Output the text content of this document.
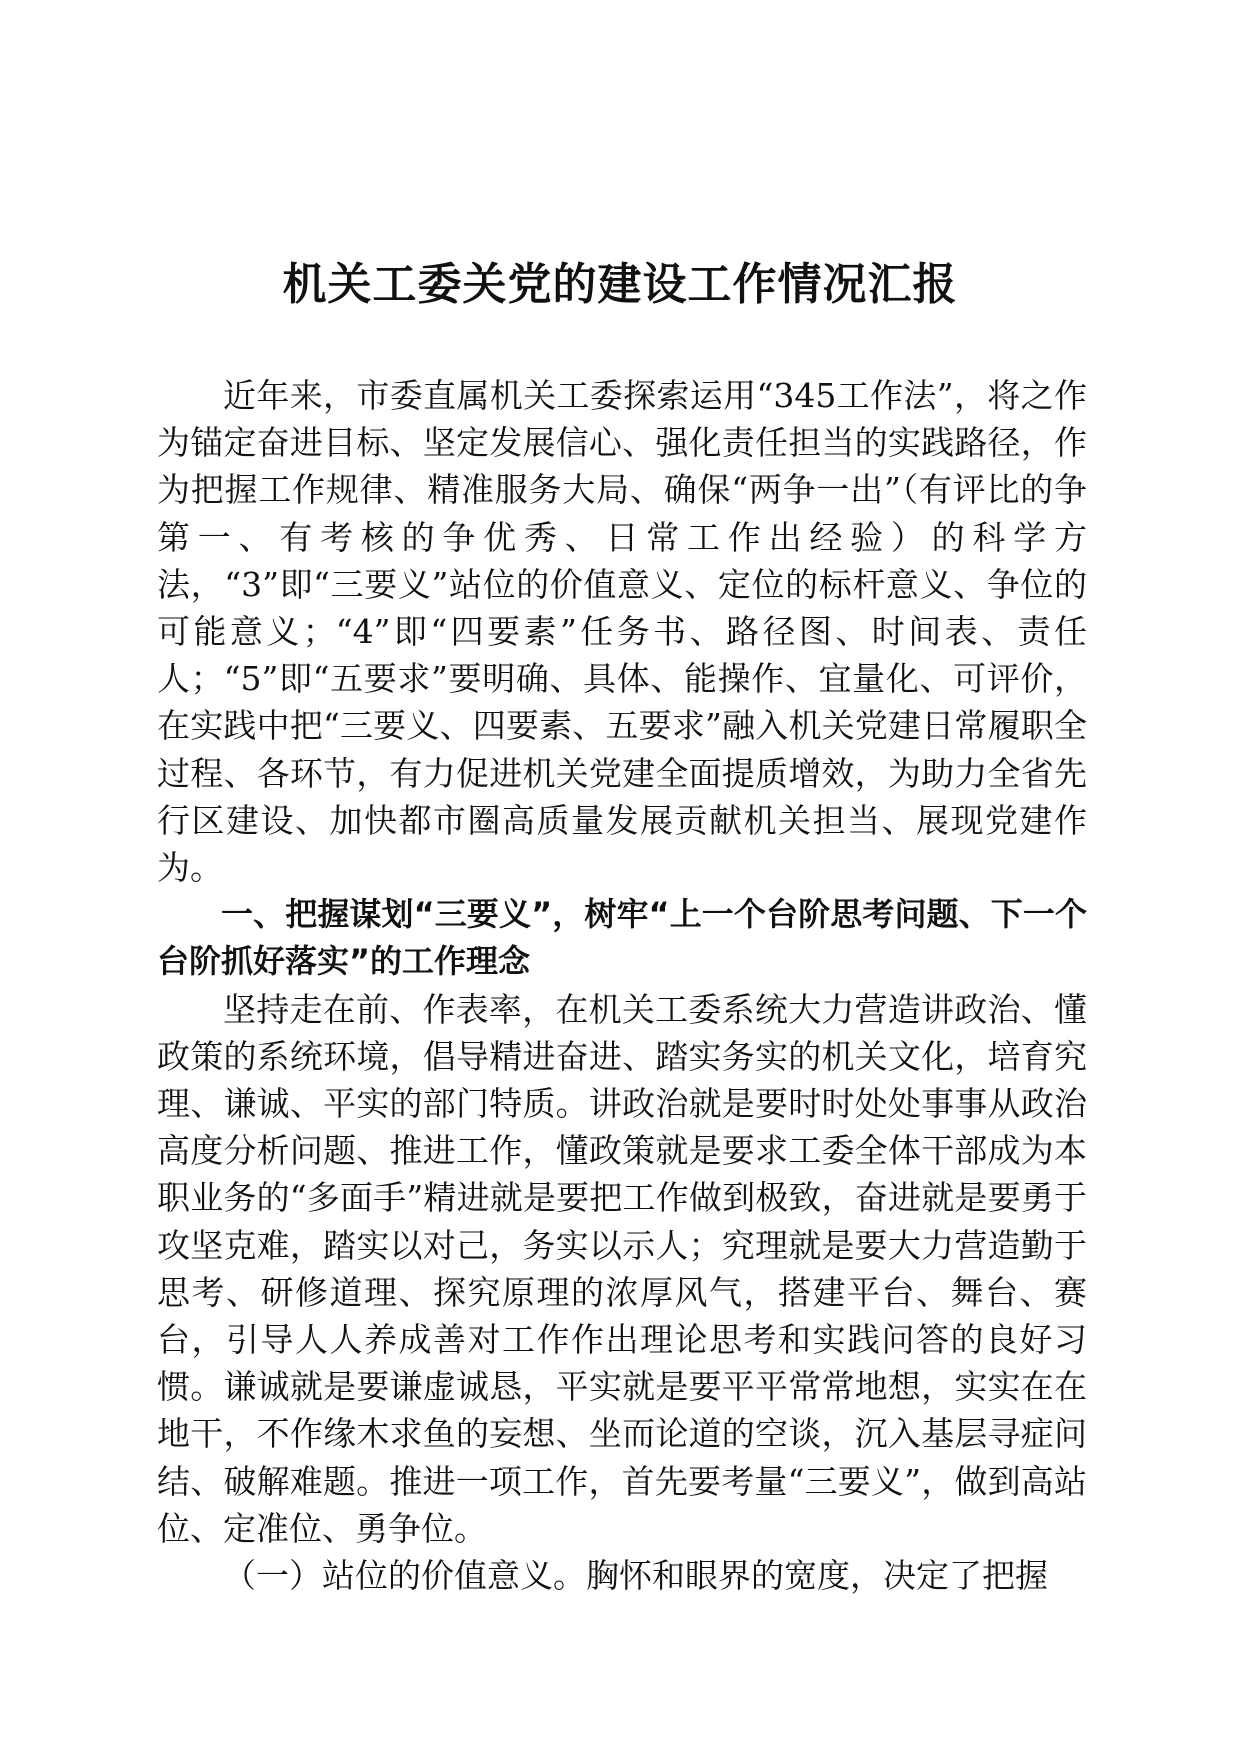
机关工委关党的建设工作情况汇报

近年来，市委直属机关工委探索运用“345工作法”，将之作为锚定奋进目标、坚定发展信心、强化责任担当的实践路径，作为把握工作规律、精准服务大局、确保“两争一出”（有评比的争第一、有考核的争优秀、日常工作出经验）的科学方法，“3”即“三要义”站位的价值意义、定位的标杆意义、争位的可能意义；“4”即“四要素”任务书、路径图、时间表、责任人；“5”即“五要求”要明确、具体、能操作、宜量化、可评价，在实践中把“三要义、四要素、五要求”融入机关党建日常履职全过程、各环节，有力促进机关党建全面提质增效，为助力全省先行区建设、加快都市圈高质量发展贡献机关担当、展现党建作为。

一、把握谋划“三要义”，树牢“上一个台阶思考问题、下一个台阶抓好落实”的工作理念

坚持走在前、作表率，在机关工委系统大力营造讲政治、懂政策的系统环境，倡导精进奋进、踏实务实的机关文化，培育究理、谦诚、平实的部门特质。讲政治就是要时时处处事事从政治高度分析问题、推进工作，懂政策就是要求工委全体干部成为本职业务的“多面手”精进就是要把工作做到极致，奋进就是要勇于攻坚克难，踏实以对己，务实以示人；究理就是要大力营造勤于思考、研修道理、探究原理的浓厚风气，搭建平台、舞台、赛台，引导人人养成善对工作作出理论思考和实践问答的良好习惯。谦诚就是要谦虚诚恳，平实就是要平平常常地想，实实在在地干，不作缘木求鱼的妄想、坐而论道的空谈，沉入基层寻症问结、破解难题。推进一项工作，首先要考量“三要义”，做到高站位、定准位、勇争位。

（一）站位的价值意义。胸怀和眼界的宽度，决定了把握
